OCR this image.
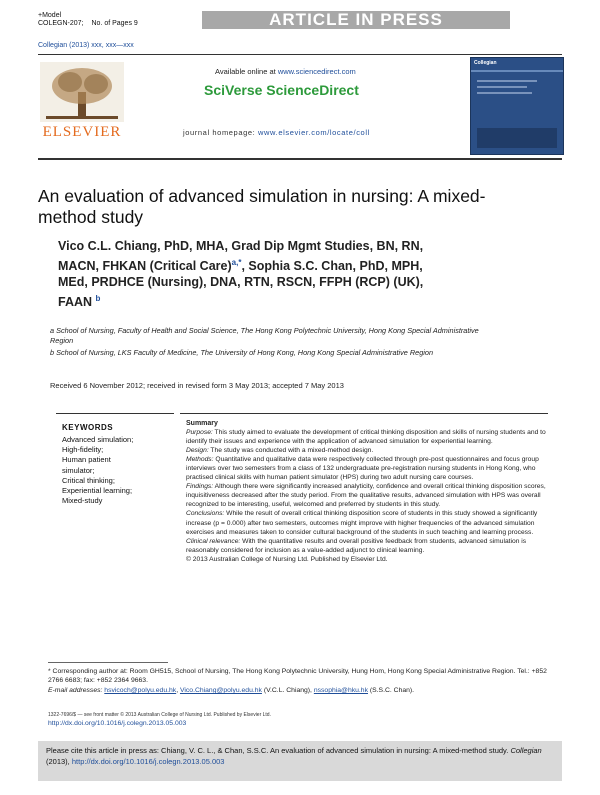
+Model
COLEGN-207; No. of Pages 9	ARTICLE IN PRESS
Collegian (2013) xxx, xxx—xxx
ELSEVIER
Available online at www.sciencedirect.com
SciVerse ScienceDirect
journal homepage: www.elsevier.com/locate/coll
Collegian
An evaluation of advanced simulation in nursing: A mixed-method study
Vico C.L. Chiang, PhD, MHA, Grad Dip Mgmt Studies, BN, RN,
MACN, FHKAN (Critical Care)$^{a,*}$, Sophia S.C. Chan, PhD, MPH,
MEd, PRDHCE (Nursing), DNA, RTN, RSCN, FFPH (RCP) (UK),
FAAN $^b$
a School of Nursing, Faculty of Health and Social Science, The Hong Kong Polytechnic University, Hong Kong Special Administrative Region
b School of Nursing, LKS Faculty of Medicine, The University of Hong Kong, Hong Kong Special Administrative Region
Received 6 November 2012; received in revised form 3 May 2013; accepted 7 May 2013
KEYWORDS
Advanced simulation;
High-fidelity;
Human patient
simulator;
Critical thinking;
Experiential learning;
Mixed-study
Summary
Purpose: This study aimed to evaluate the development of critical thinking disposition and skills of nursing students and to identify their issues and experience with the application of advanced simulation for experiential learning.
Design: The study was conducted with a mixed-method design.
Methods: Quantitative and qualitative data were respectively collected through pre-post questionnaires and focus group interviews over two semesters from a class of 132 undergraduate pre-registration nursing students in Hong Kong, who practised clinical skills with human patient simulator (HPS) during two adult nursing care courses.
Findings: Although there were significantly increased analyticity, confidence and overall critical thinking disposition scores, inquisitiveness decreased after the study period. From the qualitative results, advanced simulation with HPS was overall recognized to be interesting, useful, welcomed and preferred by students in this study.
Conclusions: While the result of overall critical thinking disposition score of students in this study showed a significantly increase (p = 0.000) after two semesters, outcomes might improve with higher frequencies of the advanced simulation exercises and measures taken to consider cultural background of the students in such teaching and learning process.
Clinical relevance: With the quantitative results and overall positive feedback from students, advanced simulation is reasonably considered for inclusion as a value-added adjunct to clinical learning.
© 2013 Australian College of Nursing Ltd. Published by Elsevier Ltd.
* Corresponding author at: Room GH515, School of Nursing, The Hong Kong Polytechnic University, Hung Hom, Hong Kong Special Administrative Region. Tel.: +852 2766 6683; fax: +852 2364 9663.
E-mail addresses: hsvicoch@polyu.edu.hk, Vico.Chiang@polyu.edu.hk (V.C.L. Chiang), nssophia@hku.hk (S.S.C. Chan).
1322-7696/$ — see front matter © 2013 Australian College of Nursing Ltd. Published by Elsevier Ltd.
http://dx.doi.org/10.1016/j.colegn.2013.05.003
Please cite this article in press as: Chiang, V. C. L., & Chan, S.S.C. An evaluation of advanced simulation in nursing: A mixed-method study. Collegian (2013), http://dx.doi.org/10.1016/j.colegn.2013.05.003
